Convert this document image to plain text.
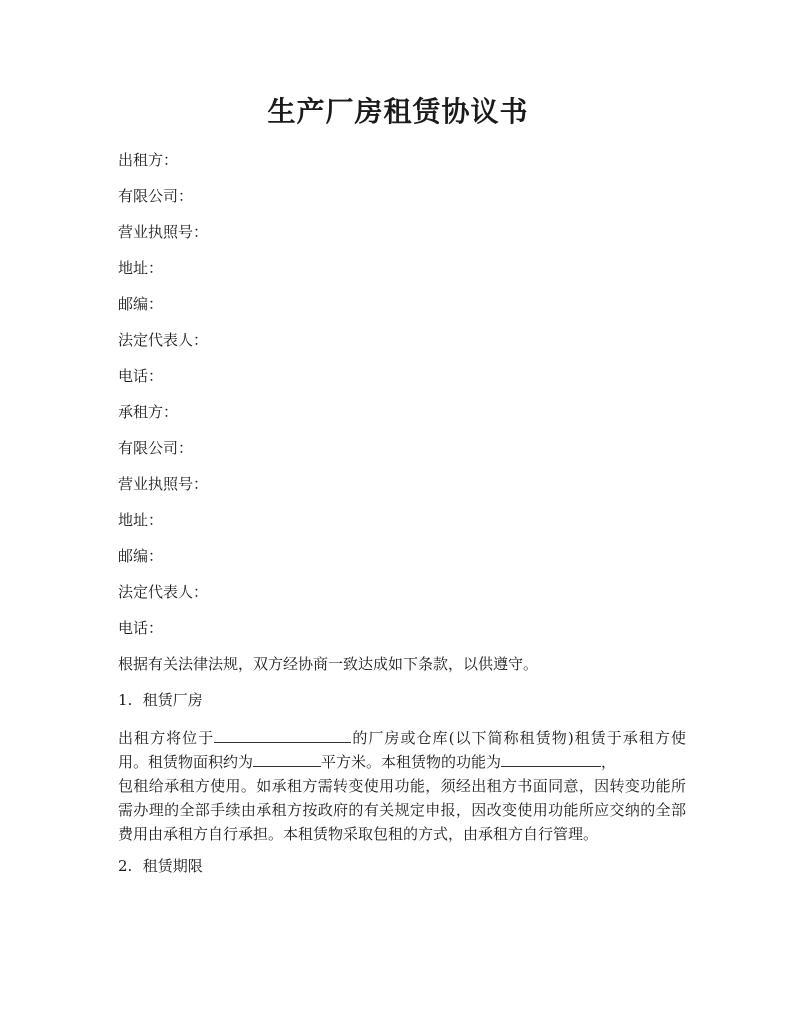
生产厂房租赁协议书
出租方：
有限公司：
营业执照号：
地址：
邮编：
法定代表人：
电话：
承租方：
有限公司：
营业执照号：
地址：
邮编：
法定代表人：
电话：
根据有关法律法规，双方经协商一致达成如下条款，以供遵守。
1. 租赁厂房
出租方将位于	的厂房或仓库(以下简称租赁物)租赁于承租方使用。租赁物面积约为	平方米。本租赁物的功能为	，
包租给承租方使用。如承租方需转变使用功能，须经出租方书面同意，因转变功能所需办理的全部手续由承租方按政府的有关规定申报，因改变使用功能所应交纳的全部费用由承租方自行承担。本租赁物采取包租的方式，由承租方自行管理。
2. 租赁期限
